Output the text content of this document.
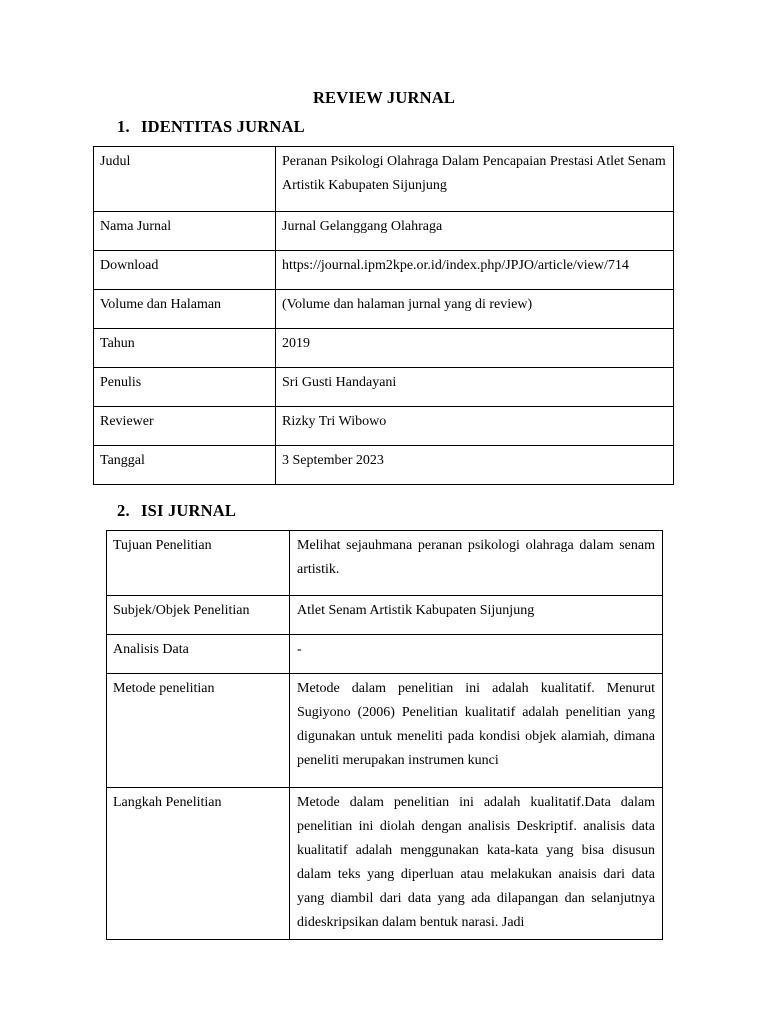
REVIEW JURNAL
1. IDENTITAS JURNAL
Judul	Peranan Psikologi Olahraga Dalam Pencapaian Prestasi Atlet Senam Artistik Kabupaten Sijunjung

Nama Jurnal	Jurnal Gelanggang Olahraga

Download	https://journal.ipm2kpe.or.id/index.php/JPJO/article/view/714

Volume dan Halaman	(Volume dan halaman jurnal yang di review)

Tahun	2019

Penulis	Sri Gusti Handayani

Reviewer	Rizky Tri Wibowo

Tanggal	3 September 2023
2. ISI JURNAL
Tujuan Penelitian	Melihat sejauhmana peranan psikologi olahraga dalam senam artistik.

Subjek/Objek Penelitian	Atlet Senam Artistik Kabupaten Sijunjung

Analisis Data	-

Metode penelitian	Metode dalam penelitian ini adalah kualitatif. Menurut Sugiyono (2006) Penelitian kualitatif adalah penelitian yang digunakan untuk meneliti pada kondisi objek alamiah, dimana peneliti merupakan instrumen kunci

Langkah Penelitian	Metode dalam penelitian ini adalah kualitatif.Data dalam penelitian ini diolah dengan analisis Deskriptif. analisis data kualitatif adalah menggunakan kata-kata yang bisa disusun dalam teks yang diperluan atau melakukan anaisis dari data yang diambil dari data yang ada dilapangan dan selanjutnya dideskripsikan dalam bentuk narasi. Jadi
